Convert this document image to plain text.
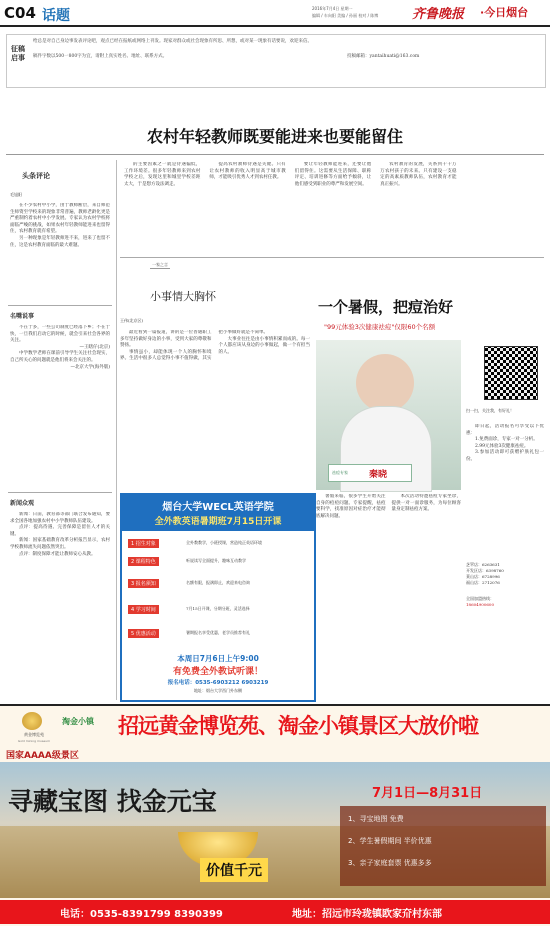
C04 话题	2016年7月4日 星期一
编辑 / 车向阳 美编 / 孙丽 校对 / 陈博	齐鲁晚报 ·今日烟台
征稿启事
给总是对自己身边事发表评论吧，观点已经在报纸或网络上刊发。现家对群众或社会现象有所思、所想，或对某一现象有话要说，欢迎来信。
稿件字数以500一800字为宜，请附上真实姓名、地址、联系方式。	投稿邮箱：yantaihuati@163.com
农村年轻教师既要能进来也要能留住
头条评论
毛旭阳

在不少农村中小学，由于教师断层，来自师范生师资至学校来的现象非常普遍，教师老龄化更是严重制约着农村中小学发展。专家认为农村学校将面临严峻的挑战，如果农村年轻教师能进来也留得住，农村教育就有希望。

另一种现象是年轻教师进不来，进来了也留不住，这是农村教育面临的最大难题。

名嘴说事

不在于多，一些公司制度已经落下乡；不在于快，一旦我们启动它的时候，就会引来社会各界的关注。

—王瞎仔(北京)

中学数学老师在课前引导学生关注社会现实，自己所关心的问题就是他们将来会关注的。

—北京大学(海外版)

新闻众观

新闻：日前，教育部等部门联合发布通知，要求全国各地加强农村中小学教师队伍建设。

点评：提高待遇、完善保障是留住人才的关键。

新闻：国家基础教育改革分析报告显示，农村学校教师流失问题依然突出。

点评：制度保障才能让教师安心从教。

的主要因素之一就是待遇偏低，工作环境差。很多年轻教师来到农村学校之后，发现这里和城里学校差距太大，于是想方设法调走。

提高农村教师待遇是关键。只有让农村教师的收入明显高于城市教师，才能吸引优秀人才到农村任教。

要让年轻教师能进来，还要让他们留得住。这需要从生活保障、职称评定、培训进修等方面给予倾斜，让他们感受到职业的尊严和发展空间。

农村教育的发展，关系到千千万万农村孩子的未来。只有建设一支稳定的高素质教师队伍，农村教育才能真正振兴。

一家之言
小事情大胸怀
王伟(北京区)

最近看到一篇报道，讲的是一位普通职工多年坚持做好身边的小事，受到大家的尊敬和赞扬。

事情虽小，却能体现一个人的胸怀和境界。生活中很多人总觉得小事不值得做，其实把小事做好就是不简单。

大事业往往是由小事情积累而成的。每一个人都应该从身边的小事做起，做一个有担当的人。

烟台大学WECL英语学院
全外教英语暑期班7月15日开课
1 招生对象	全外教教学，小班授课，营造纯正英语环境
2 课程特色	听说读写全面提升，趣味互动教学
3 报名须知	名额有限，报满即止，欢迎来电咨询
4 学习时间	7月15日开课，分期分班，灵活选择
5 优惠活动	暑期报名享受优惠，老学员推荐有礼
本周日7月6日上午9:00
有免费全外教试听课！
报名电话：0535-6903212 6903219
地址：烟台大学西门外东侧
一个暑假，把痘治好
"99元体验3次健康祛痘"仅限60个名额
祛痘专家 秦晓
扫一扫，关注我，有好礼！

即日起，活动报名可享受以下优惠：

1.免费面诊，专家一对一分析。

2.99元体验3次健康祛痘。

3.参加活动即可获赠护肤礼包一份。

暑假来临，很多学生开始关注自身的痘痘问题。专家提醒，祛痘要科学，找准原因对症治疗才能彻底解决问题。

本次活动特邀祛痘专家坐诊，提供一对一面诊服务，为每位顾客量身定制祛痘方案。

芝罘店：6263631
开发区店：6398760
莱山店：6728996
福山店：2712076
全国加盟热线：
18604900600
黄金博览苑
Gold mining museum
淘金小镇
国家AAAA级景区
招远黄金博览苑、淘金小镇景区大放价啦
寻藏宝图 找金元宝
价值千元
7月1日—8月31日
1、寻宝地图 免费
2、学生暑假期间 半价优惠
3、亲子家庭套票 优惠多多
电话：0535-8391799 8390399	地址：招远市玲珑镇欧家夼村东部
